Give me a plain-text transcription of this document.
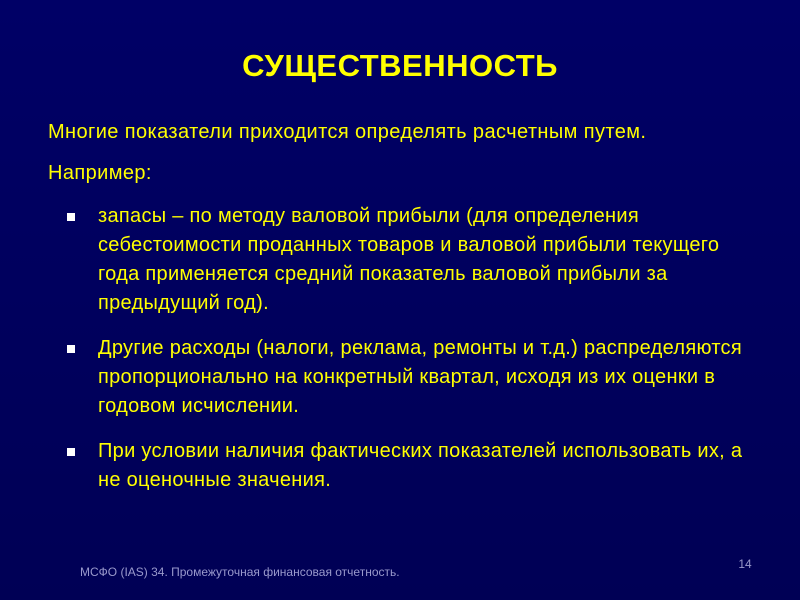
СУЩЕСТВЕННОСТЬ
Многие показатели приходится определять расчетным путем.
Например:
запасы – по методу валовой прибыли (для определения себестоимости проданных товаров и валовой прибыли текущего года применяется средний показатель валовой прибыли за предыдущий год).
Другие расходы (налоги, реклама, ремонты и т.д.) распределяются пропорционально на конкретный квартал, исходя из их оценки в годовом исчислении.
При условии наличия фактических показателей использовать их, а не оценочные значения.
МСФО (IAS) 34. Промежуточная финансовая отчетность.
14
